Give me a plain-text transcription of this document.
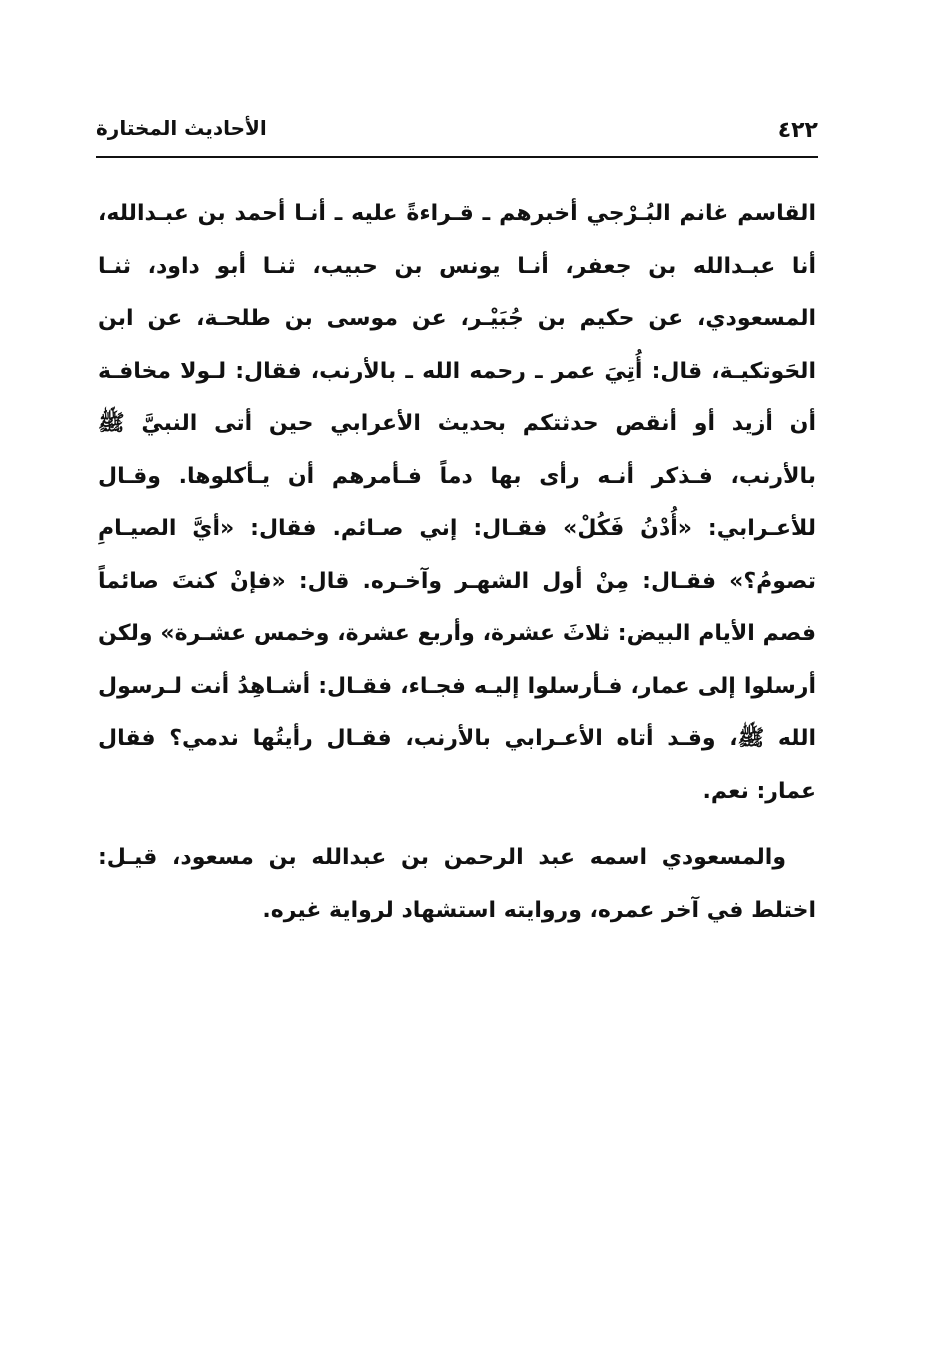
٤٢٢
الأحاديث المختارة

القاسم غانم البُـرْجي أخبرهم ـ قـراءةً عليه ـ أنـا أحمد بن عبـدالله، أنا عبـدالله بن جعفر، أنـا يونس بن حبيب، ثنـا أبو داود، ثنـا المسعودي، عن حكيم بن جُبَيْـر، عن موسى بن طلحـة، عن ابن الحَوتكيـة، قال: أُتِيَ عمر ـ رحمه الله ـ بالأرنب، فقال: لـولا مخافـة أن أزيد أو أنقص حدثتكم بحديث الأعرابي حين أتى النبيَّ ﷺ بالأرنب، فـذكر أنـه رأى بها دماً فـأمرهم أن يـأكلوها. وقـال للأعـرابي: «أُدْنُ فَكُلْ» فقـال: إني صـائم. فقال: «أيَّ الصيـامِ تصومُ؟» فقـال: مِنْ أول الشهـر وآخـره. قال: «فإنْ كنتَ صائماً فصم الأيام البيض: ثلاثَ عشرة، وأربع عشرة، وخمس عشـرة» ولكن أرسلوا إلى عمار، فـأرسلوا إليـه فجـاء، فقـال: أشـاهِدُ أنت لـرسول الله ﷺ، وقـد أتاه الأعـرابي بالأرنب، فقـال رأيتُها ندمي؟ فقال عمار: نعم.

والمسعودي اسمه عبد الرحمن بن عبدالله بن مسعود، قيـل: اختلط في آخر عمره، وروايته استشهاد لرواية غيره.
